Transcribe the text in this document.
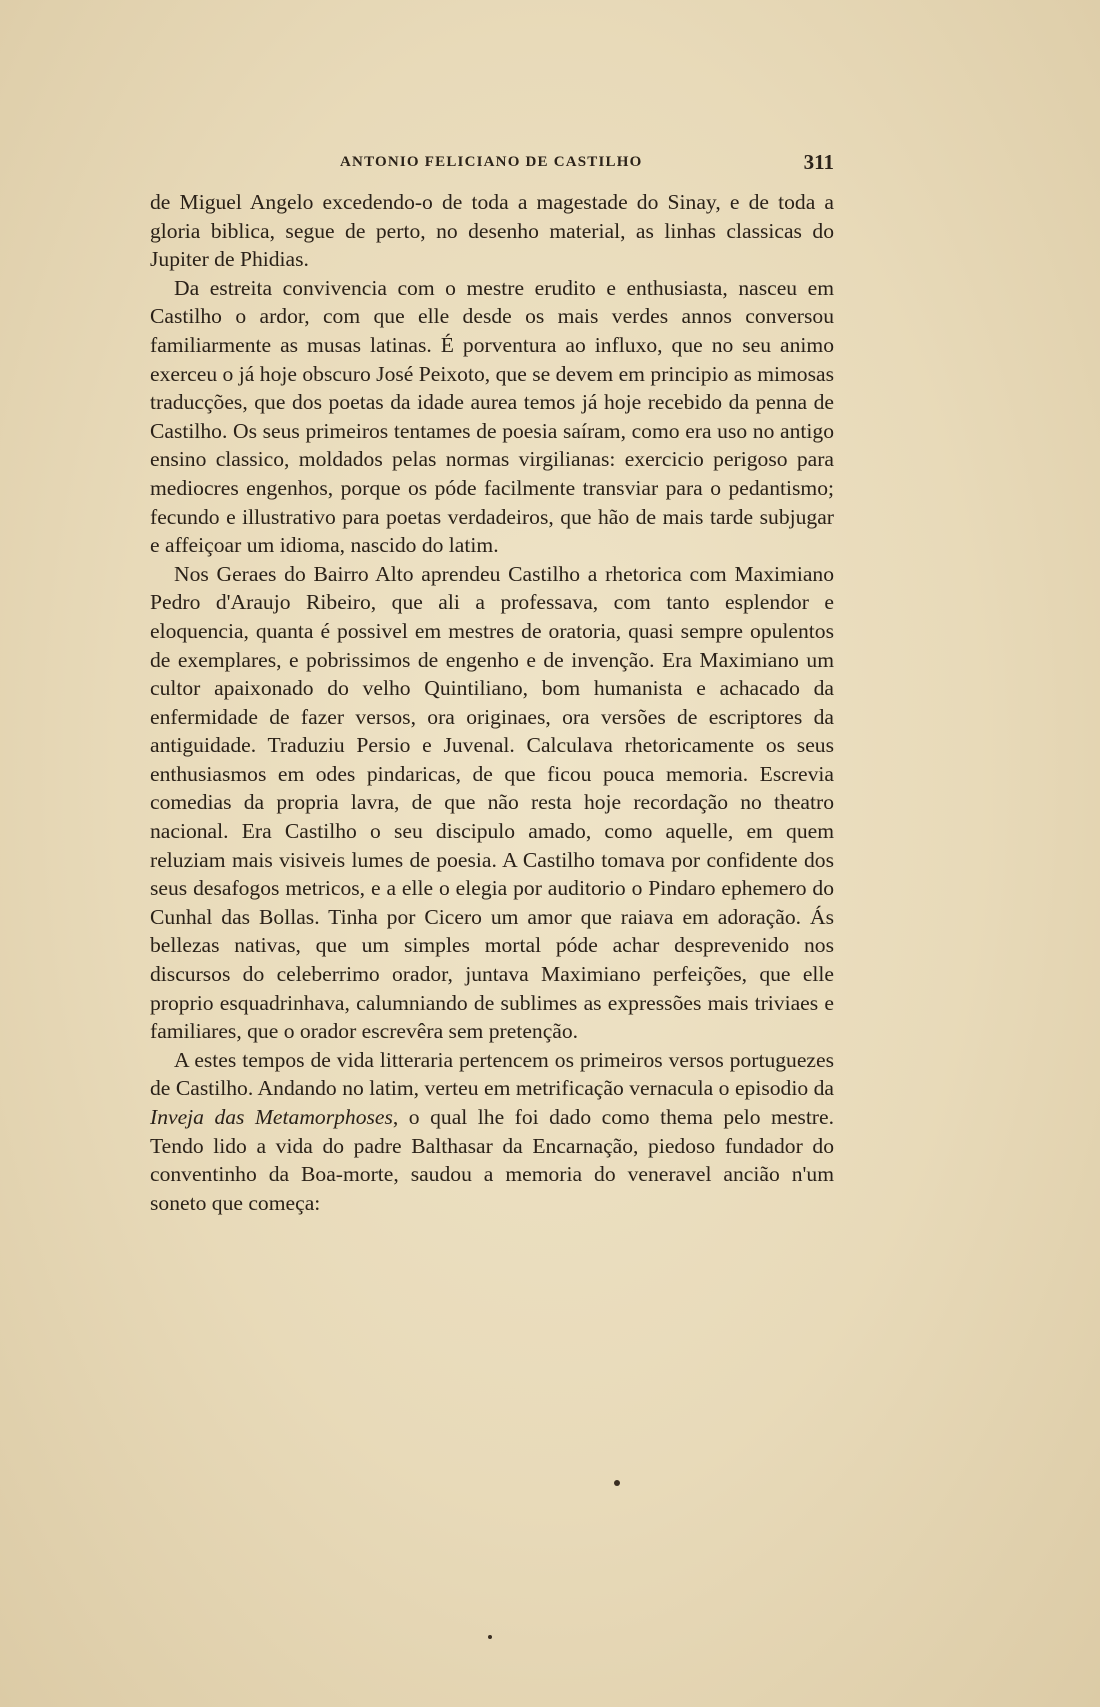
ANTONIO FELICIANO DE CASTILHO	311

de Miguel Angelo excedendo-o de toda a magestade do Sinay, e de toda a gloria biblica, segue de perto, no desenho material, as linhas classicas do Jupiter de Phidias.

Da estreita convivencia com o mestre erudito e enthusiasta, nasceu em Castilho o ardor, com que elle desde os mais verdes annos conversou familiarmente as musas latinas. É porventura ao influxo, que no seu animo exerceu o já hoje obscuro José Peixoto, que se devem em principio as mimosas traducções, que dos poetas da idade aurea temos já hoje recebido da penna de Castilho. Os seus primeiros tentames de poesia saíram, como era uso no antigo ensino classico, moldados pelas normas virgilianas: exercicio perigoso para mediocres engenhos, porque os póde facilmente transviar para o pedantismo; fecundo e illustrativo para poetas verdadeiros, que hão de mais tarde subjugar e affeiçoar um idioma, nascido do latim.

Nos Geraes do Bairro Alto aprendeu Castilho a rhetorica com Maximiano Pedro d'Araujo Ribeiro, que ali a professava, com tanto esplendor e eloquencia, quanta é possivel em mestres de oratoria, quasi sempre opulentos de exemplares, e pobrissimos de engenho e de invenção. Era Maximiano um cultor apaixonado do velho Quintiliano, bom humanista e achacado da enfermidade de fazer versos, ora originaes, ora versões de escriptores da antiguidade. Traduziu Persio e Juvenal. Calculava rhetoricamente os seus enthusiasmos em odes pindaricas, de que ficou pouca memoria. Escrevia comedias da propria lavra, de que não resta hoje recordação no theatro nacional. Era Castilho o seu discipulo amado, como aquelle, em quem reluziam mais visiveis lumes de poesia. A Castilho tomava por confidente dos seus desafogos metricos, e a elle o elegia por auditorio o Pindaro ephemero do Cunhal das Bollas. Tinha por Cicero um amor que raiava em adoração. Ás bellezas nativas, que um simples mortal póde achar desprevenido nos discursos do celeberrimo orador, juntava Maximiano perfeições, que elle proprio esquadrinhava, calumniando de sublimes as expressões mais triviaes e familiares, que o orador escrevêra sem pretenção.

A estes tempos de vida litteraria pertencem os primeiros versos portuguezes de Castilho. Andando no latim, verteu em metrificação vernacula o episodio da Inveja das Metamorphoses, o qual lhe foi dado como thema pelo mestre. Tendo lido a vida do padre Balthasar da Encarnação, piedoso fundador do conventinho da Boa-morte, saudou a memoria do veneravel ancião n'um soneto que começa:
